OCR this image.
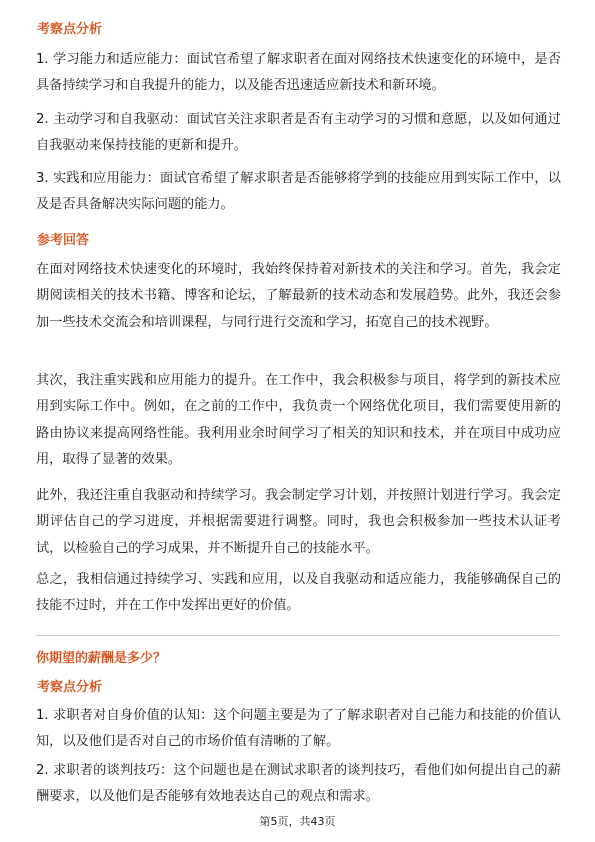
考察点分析
1. 学习能力和适应能力：面试官希望了解求职者在面对网络技术快速变化的环境中，是否具备持续学习和自我提升的能力，以及能否迅速适应新技术和新环境。
2. 主动学习和自我驱动：面试官关注求职者是否有主动学习的习惯和意愿，以及如何通过自我驱动来保持技能的更新和提升。
3. 实践和应用能力：面试官希望了解求职者是否能够将学到的技能应用到实际工作中，以及是否具备解决实际问题的能力。
参考回答
在面对网络技术快速变化的环境时，我始终保持着对新技术的关注和学习。首先，我会定期阅读相关的技术书籍、博客和论坛，了解最新的技术动态和发展趋势。此外，我还会参加一些技术交流会和培训课程，与同行进行交流和学习，拓宽自己的技术视野。
其次，我注重实践和应用能力的提升。在工作中，我会积极参与项目，将学到的新技术应用到实际工作中。例如，在之前的工作中，我负责一个网络优化项目，我们需要使用新的路由协议来提高网络性能。我利用业余时间学习了相关的知识和技术，并在项目中成功应用，取得了显著的效果。
此外，我还注重自我驱动和持续学习。我会制定学习计划，并按照计划进行学习。我会定期评估自己的学习进度，并根据需要进行调整。同时，我也会积极参加一些技术认证考试，以检验自己的学习成果，并不断提升自己的技能水平。
总之，我相信通过持续学习、实践和应用，以及自我驱动和适应能力，我能够确保自己的技能不过时，并在工作中发挥出更好的价值。
你期望的薪酬是多少？
考察点分析
1. 求职者对自身价值的认知：这个问题主要是为了了解求职者对自己能力和技能的价值认知，以及他们是否对自己的市场价值有清晰的了解。
2. 求职者的谈判技巧：这个问题也是在测试求职者的谈判技巧，看他们如何提出自己的薪酬要求，以及他们是否能够有效地表达自己的观点和需求。
第5页，共43页
